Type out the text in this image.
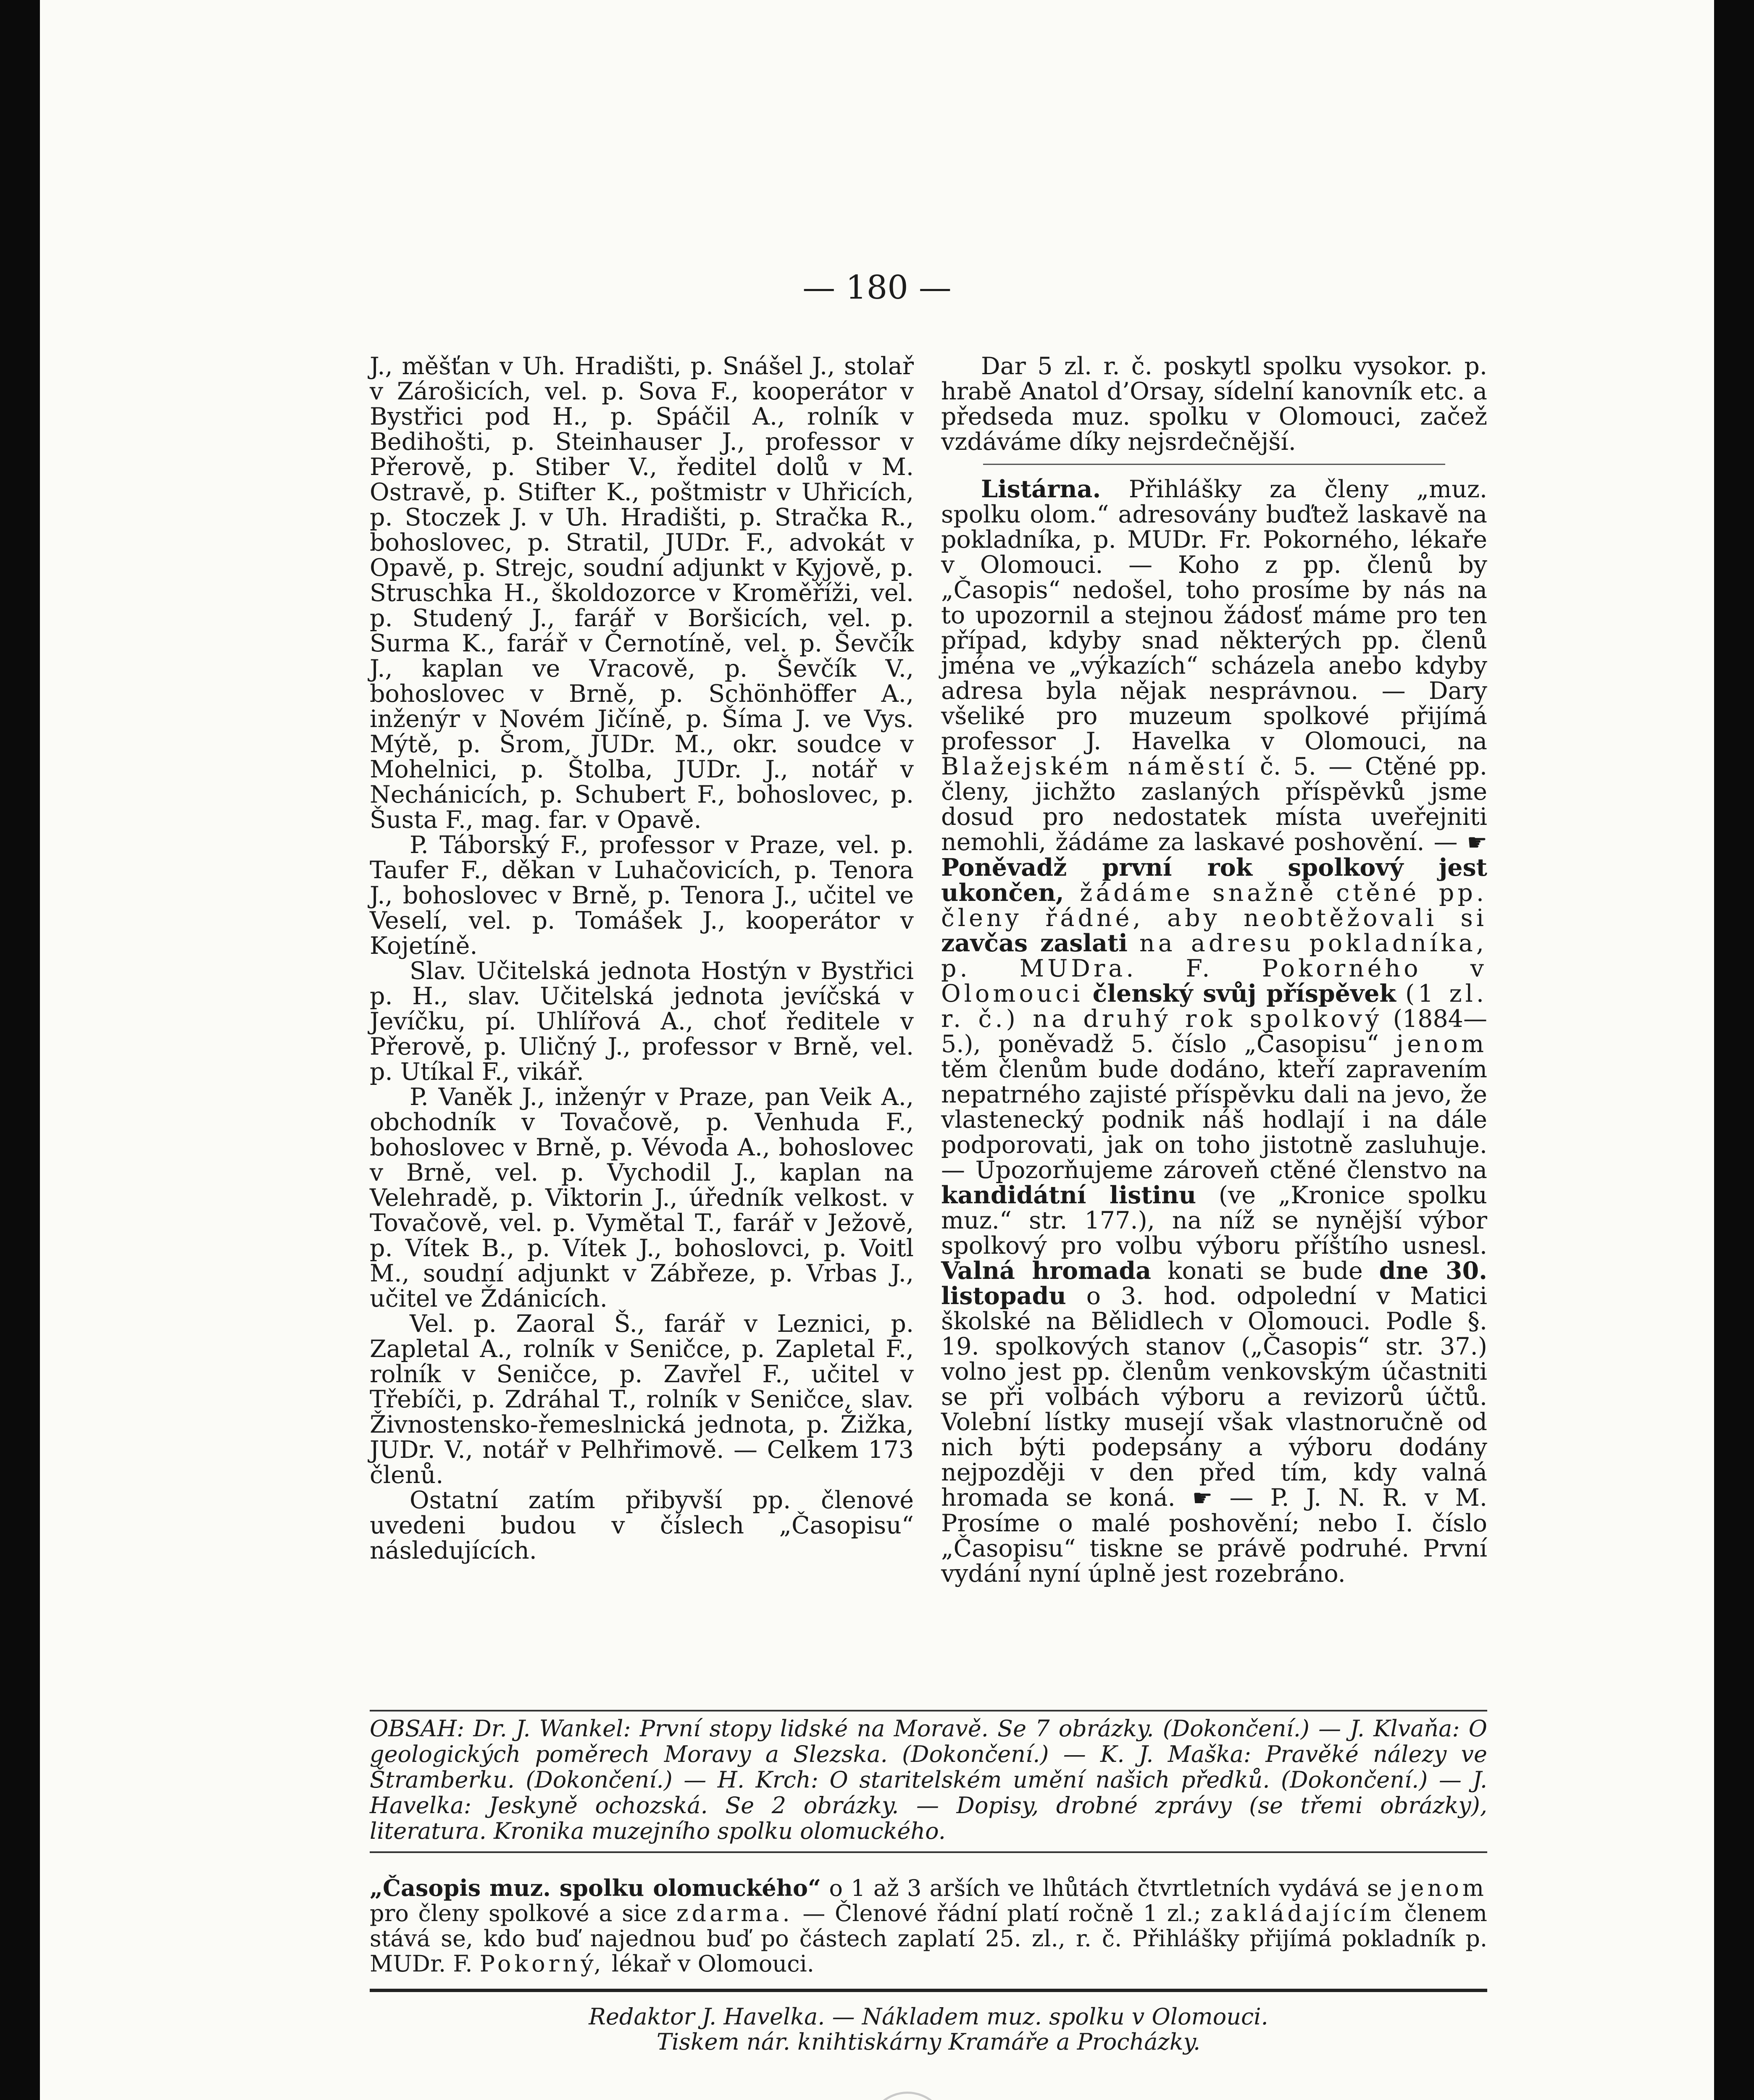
— 180 —

J., měšťan v Uh. Hradišti, p. Snášel J., stolař v Zárošicích, vel. p. Sova F., kooperátor v Bystřici pod H., p. Spáčil A., rolník v Bedihošti, p. Steinhauser J., professor v Přerově, p. Stiber V., ředitel dolů v M. Ostravě, p. Stifter K., poštmistr v Uhřicích, p. Stoczek J. v Uh. Hradišti, p. Stračka R., bohoslovec, p. Stratil, JUDr. F., advokát v Opavě, p. Strejc, soudní adjunkt v Kyjově, p. Struschka H., školdozorce v Kroměříži, vel. p. Studený J., farář v Boršicích, vel. p. Surma K., farář v Černotíně, vel. p. Ševčík J., kaplan ve Vracově, p. Ševčík V., bohoslovec v Brně, p. Schönhöffer A., inženýr v Novém Jičíně, p. Šíma J. ve Vys. Mýtě, p. Šrom, JUDr. M., okr. soudce v Mohelnici, p. Štolba, JUDr. J., notář v Nechánicích, p. Schubert F., bohoslovec, p. Šusta F., mag. far. v Opavě.

P. Táborský F., professor v Praze, vel. p. Taufer F., děkan v Luhačovicích, p. Tenora J., bohoslovec v Brně, p. Tenora J., učitel ve Veselí, vel. p. Tomášek J., kooperátor v Kojetíně.

Slav. Učitelská jednota Hostýn v Bystřici p. H., slav. Učitelská jednota jevíčská v Jevíčku, pí. Uhlířová A., choť ředitele v Přerově, p. Uličný J., professor v Brně, vel. p. Utíkal F., vikář.

P. Vaněk J., inženýr v Praze, pan Veik A., obchodník v Tovačově, p. Venhuda F., bohoslovec v Brně, p. Vévoda A., bohoslovec v Brně, vel. p. Vychodil J., kaplan na Velehradě, p. Viktorin J., úředník velkost. v Tovačově, vel. p. Vymětal T., farář v Ježově, p. Vítek B., p. Vítek J., bohoslovci, p. Voitl M., soudní adjunkt v Zábřeze, p. Vrbas J., učitel ve Ždánicích.

Vel. p. Zaoral Š., farář v Leznici, p. Zapletal A., rolník v Seničce, p. Zapletal F., rolník v Seničce, p. Zavřel F., učitel v Třebíči, p. Zdráhal T., rolník v Seničce, slav. Živnostensko-řemeslnická jednota, p. Žižka, JUDr. V., notář v Pelhřimově. — Celkem 173 členů.

Ostatní zatím přibyvší pp. členové uvedeni budou v číslech „Časopisu“ následujících.

Dar 5 zl. r. č. poskytl spolku vysokor. p. hrabě Anatol d’Orsay, sídelní kanovník etc. a předseda muz. spolku v Olomouci, začež vzdáváme díky nejsrdečnější.

Listárna. Přihlášky za členy „muz. spolku olom.“ adresovány buďtež laskavě na pokladníka, p. MUDr. Fr. Pokorného, lékaře v Olomouci. — Koho z pp. členů by „Časopis“ nedošel, toho prosíme by nás na to upozornil a stejnou žádosť máme pro ten případ, kdyby snad některých pp. členů jména ve „výkazích“ scházela anebo kdyby adresa byla nějak nesprávnou. — Dary všeliké pro muzeum spolkové přijímá professor J. Havelka v Olomouci, na Blažejském náměstí č. 5. — Ctěné pp. členy, jichžto zaslaných příspěvků jsme dosud pro nedostatek místa uveřejniti nemohli, žádáme za laskavé poshovění. — ☛ Poněvadž první rok spolkový jest ukončen, žádáme snažně ctěné pp. členy řádné, aby neobtěžovali si zavčas zaslati na adresu pokladníka, p. MUDra. F. Pokorného v Olomouci členský svůj příspěvek (1 zl. r. č.) na druhý rok spolkový (1884—5.), poněvadž 5. číslo „Časopisu“ jenom těm členům bude dodáno, kteří zapravením nepatrného zajisté příspěvku dali na jevo, že vlastenecký podnik náš hodlají i na dále podporovati, jak on toho jistotně zasluhuje. — Upozorňujeme zároveň ctěné členstvo na kandidátní listinu (ve „Kronice spolku muz.“ str. 177.), na níž se nynější výbor spolkový pro volbu výboru příštího usnesl. Valná hromada konati se bude dne 30. listopadu o 3. hod. odpolední v Matici školské na Bělidlech v Olomouci. Podle §. 19. spolkových stanov („Časopis“ str. 37.) volno jest pp. členům venkovským účastniti se při volbách výboru a revizorů účtů. Volební lístky musejí však vlastnoručně od nich býti podepsány a výboru dodány nejpozději v den před tím, kdy valná hromada se koná. ☛ — P. J. N. R. v M. Prosíme o malé poshovění; nebo I. číslo „Časopisu“ tiskne se právě podruhé. První vydání nyní úplně jest rozebráno.

OBSAH: Dr. J. Wankel: První stopy lidské na Moravě. Se 7 obrázky. (Dokončení.) — J. Klvaňa: O geologických poměrech Moravy a Slezska. (Dokončení.) — K. J. Maška: Pravěké nálezy ve Štramberku. (Dokončení.) — H. Krch: O staritelském umění našich předků. (Dokončení.) — J. Havelka: Jeskyně ochozská. Se 2 obrázky. — Dopisy, drobné zprávy (se třemi obrázky), literatura. Kronika muzejního spolku olomuckého.
„Časopis muz. spolku olomuckého“ o 1 až 3 arších ve lhůtách čtvrtletních vydává se jenom pro členy spolkové a sice zdarma. — Členové řádní platí ročně 1 zl.; zakládajícím členem stává se, kdo buď najednou buď po částech zaplatí 25. zl., r. č. Přihlášky přijímá pokladník p. MUDr. F. Pokorný, lékař v Olomouci.
Redaktor J. Havelka. — Nákladem muz. spolku v Olomouci.
Tiskem nár. knihtiskárny Kramáře a Procházky.
